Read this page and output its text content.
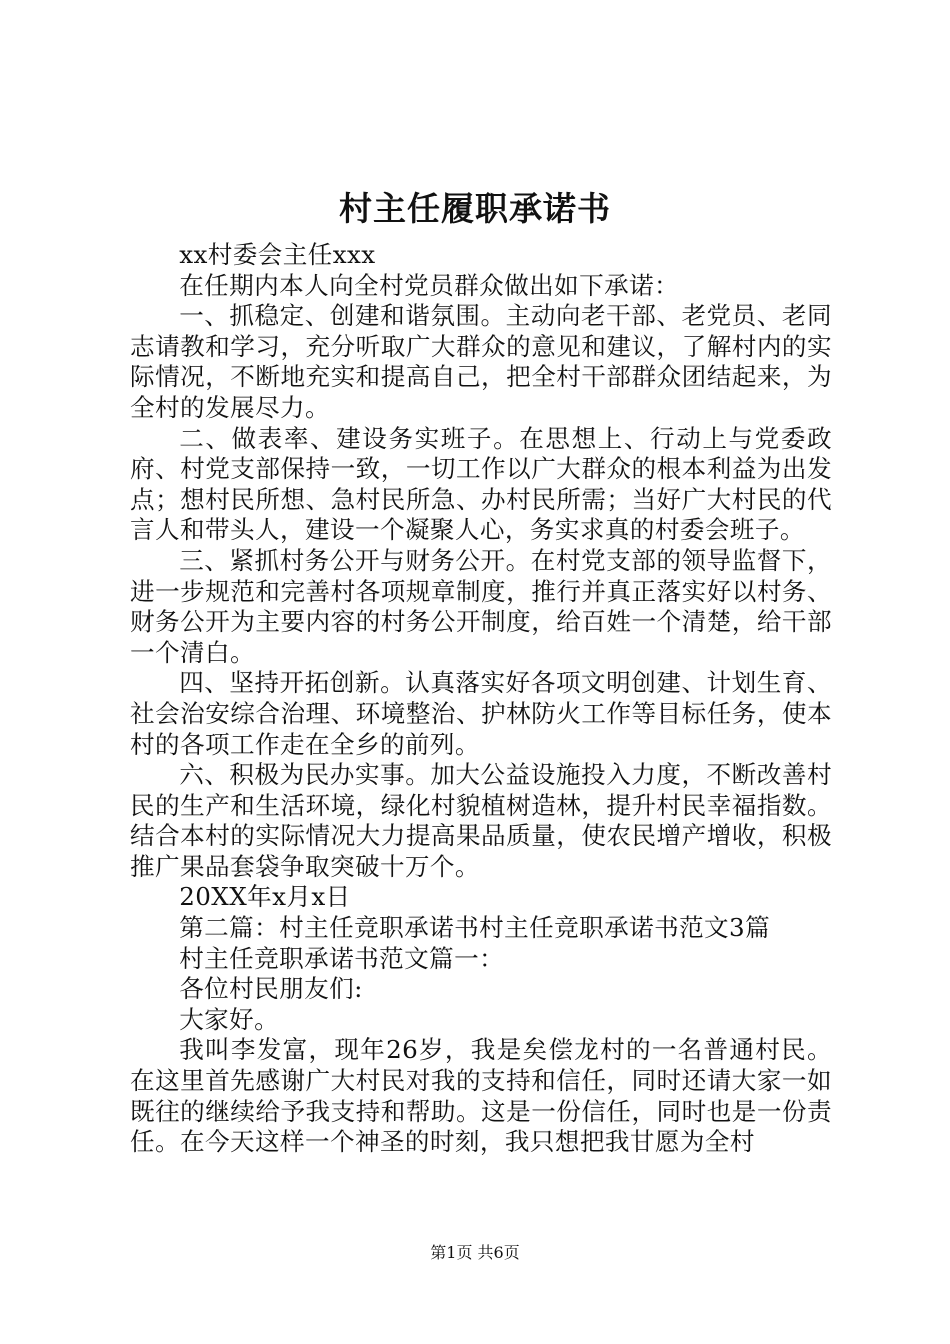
村主任履职承诺书

xx村委会主任xxx

在任期内本人向全村党员群众做出如下承诺：

一、抓稳定、创建和谐氛围。主动向老干部、老党员、老同志请教和学习，充分听取广大群众的意见和建议，了解村内的实际情况，不断地充实和提高自己，把全村干部群众团结起来，为全村的发展尽力。

二、做表率、建设务实班子。在思想上、行动上与党委政府、村党支部保持一致，一切工作以广大群众的根本利益为出发点；想村民所想、急村民所急、办村民所需；当好广大村民的代言人和带头人，建设一个凝聚人心，务实求真的村委会班子。

三、紧抓村务公开与财务公开。在村党支部的领导监督下，进一步规范和完善村各项规章制度，推行并真正落实好以村务、财务公开为主要内容的村务公开制度，给百姓一个清楚，给干部一个清白。

四、坚持开拓创新。认真落实好各项文明创建、计划生育、社会治安综合治理、环境整治、护林防火工作等目标任务，使本村的各项工作走在全乡的前列。

六、积极为民办实事。加大公益设施投入力度，不断改善村民的生产和生活环境，绿化村貌植树造林，提升村民幸福指数。结合本村的实际情况大力提高果品质量，使农民增产增收，积极推广果品套袋争取突破十万个。

20XX年x月x日

第二篇：村主任竞职承诺书村主任竞职承诺书范文3篇

村主任竞职承诺书范文篇一：

各位村民朋友们:

大家好。

我叫李发富，现年26岁，我是矣偿龙村的一名普通村民。在这里首先感谢广大村民对我的支持和信任，同时还请大家一如既往的继续给予我支持和帮助。这是一份信任，同时也是一份责任。在今天这样一个神圣的时刻，我只想把我甘愿为全村

第1页 共6页
